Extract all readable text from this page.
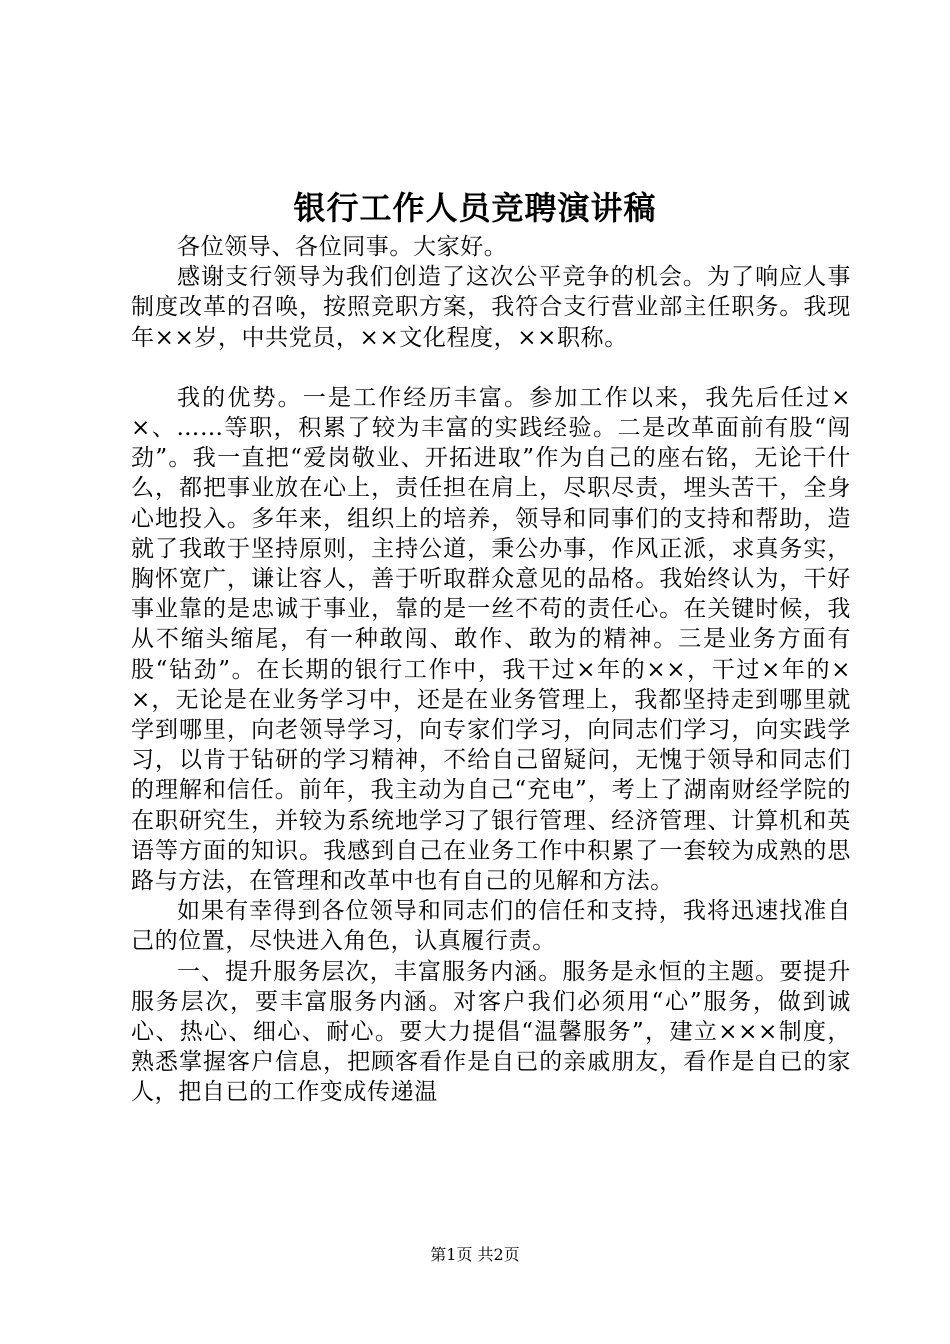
银行工作人员竞聘演讲稿

各位领导、各位同事。大家好。

感谢支行领导为我们创造了这次公平竞争的机会。为了响应人事制度改革的召唤，按照竞职方案，我符合支行营业部主任职务。我现年××岁，中共党员，××文化程度，××职称。

我的优势。一是工作经历丰富。参加工作以来，我先后任过××、……等职，积累了较为丰富的实践经验。二是改革面前有股“闯劲”。我一直把“爱岗敬业、开拓进取”作为自己的座右铭，无论干什么，都把事业放在心上，责任担在肩上，尽职尽责，埋头苦干，全身心地投入。多年来，组织上的培养，领导和同事们的支持和帮助，造就了我敢于坚持原则，主持公道，秉公办事，作风正派，求真务实，胸怀宽广，谦让容人，善于听取群众意见的品格。我始终认为，干好事业靠的是忠诚于事业，靠的是一丝不苟的责任心。在关键时候，我从不缩头缩尾，有一种敢闯、敢作、敢为的精神。三是业务方面有股“钻劲”。在长期的银行工作中，我干过×年的××，干过×年的××，无论是在业务学习中，还是在业务管理上，我都坚持走到哪里就学到哪里，向老领导学习，向专家们学习，向同志们学习，向实践学习，以肯于钻研的学习精神，不给自己留疑问，无愧于领导和同志们的理解和信任。前年，我主动为自己“充电”，考上了湖南财经学院的在职研究生，并较为系统地学习了银行管理、经济管理、计算机和英语等方面的知识。我感到自己在业务工作中积累了一套较为成熟的思路与方法，在管理和改革中也有自己的见解和方法。

如果有幸得到各位领导和同志们的信任和支持，我将迅速找准自己的位置，尽快进入角色，认真履行责。

一、提升服务层次，丰富服务内涵。服务是永恒的主题。要提升服务层次，要丰富服务内涵。对客户我们必须用“心”服务，做到诚心、热心、细心、耐心。要大力提倡“温馨服务”，建立×××制度，熟悉掌握客户信息，把顾客看作是自已的亲戚朋友，看作是自已的家人，把自已的工作变成传递温

第1页 共2页
